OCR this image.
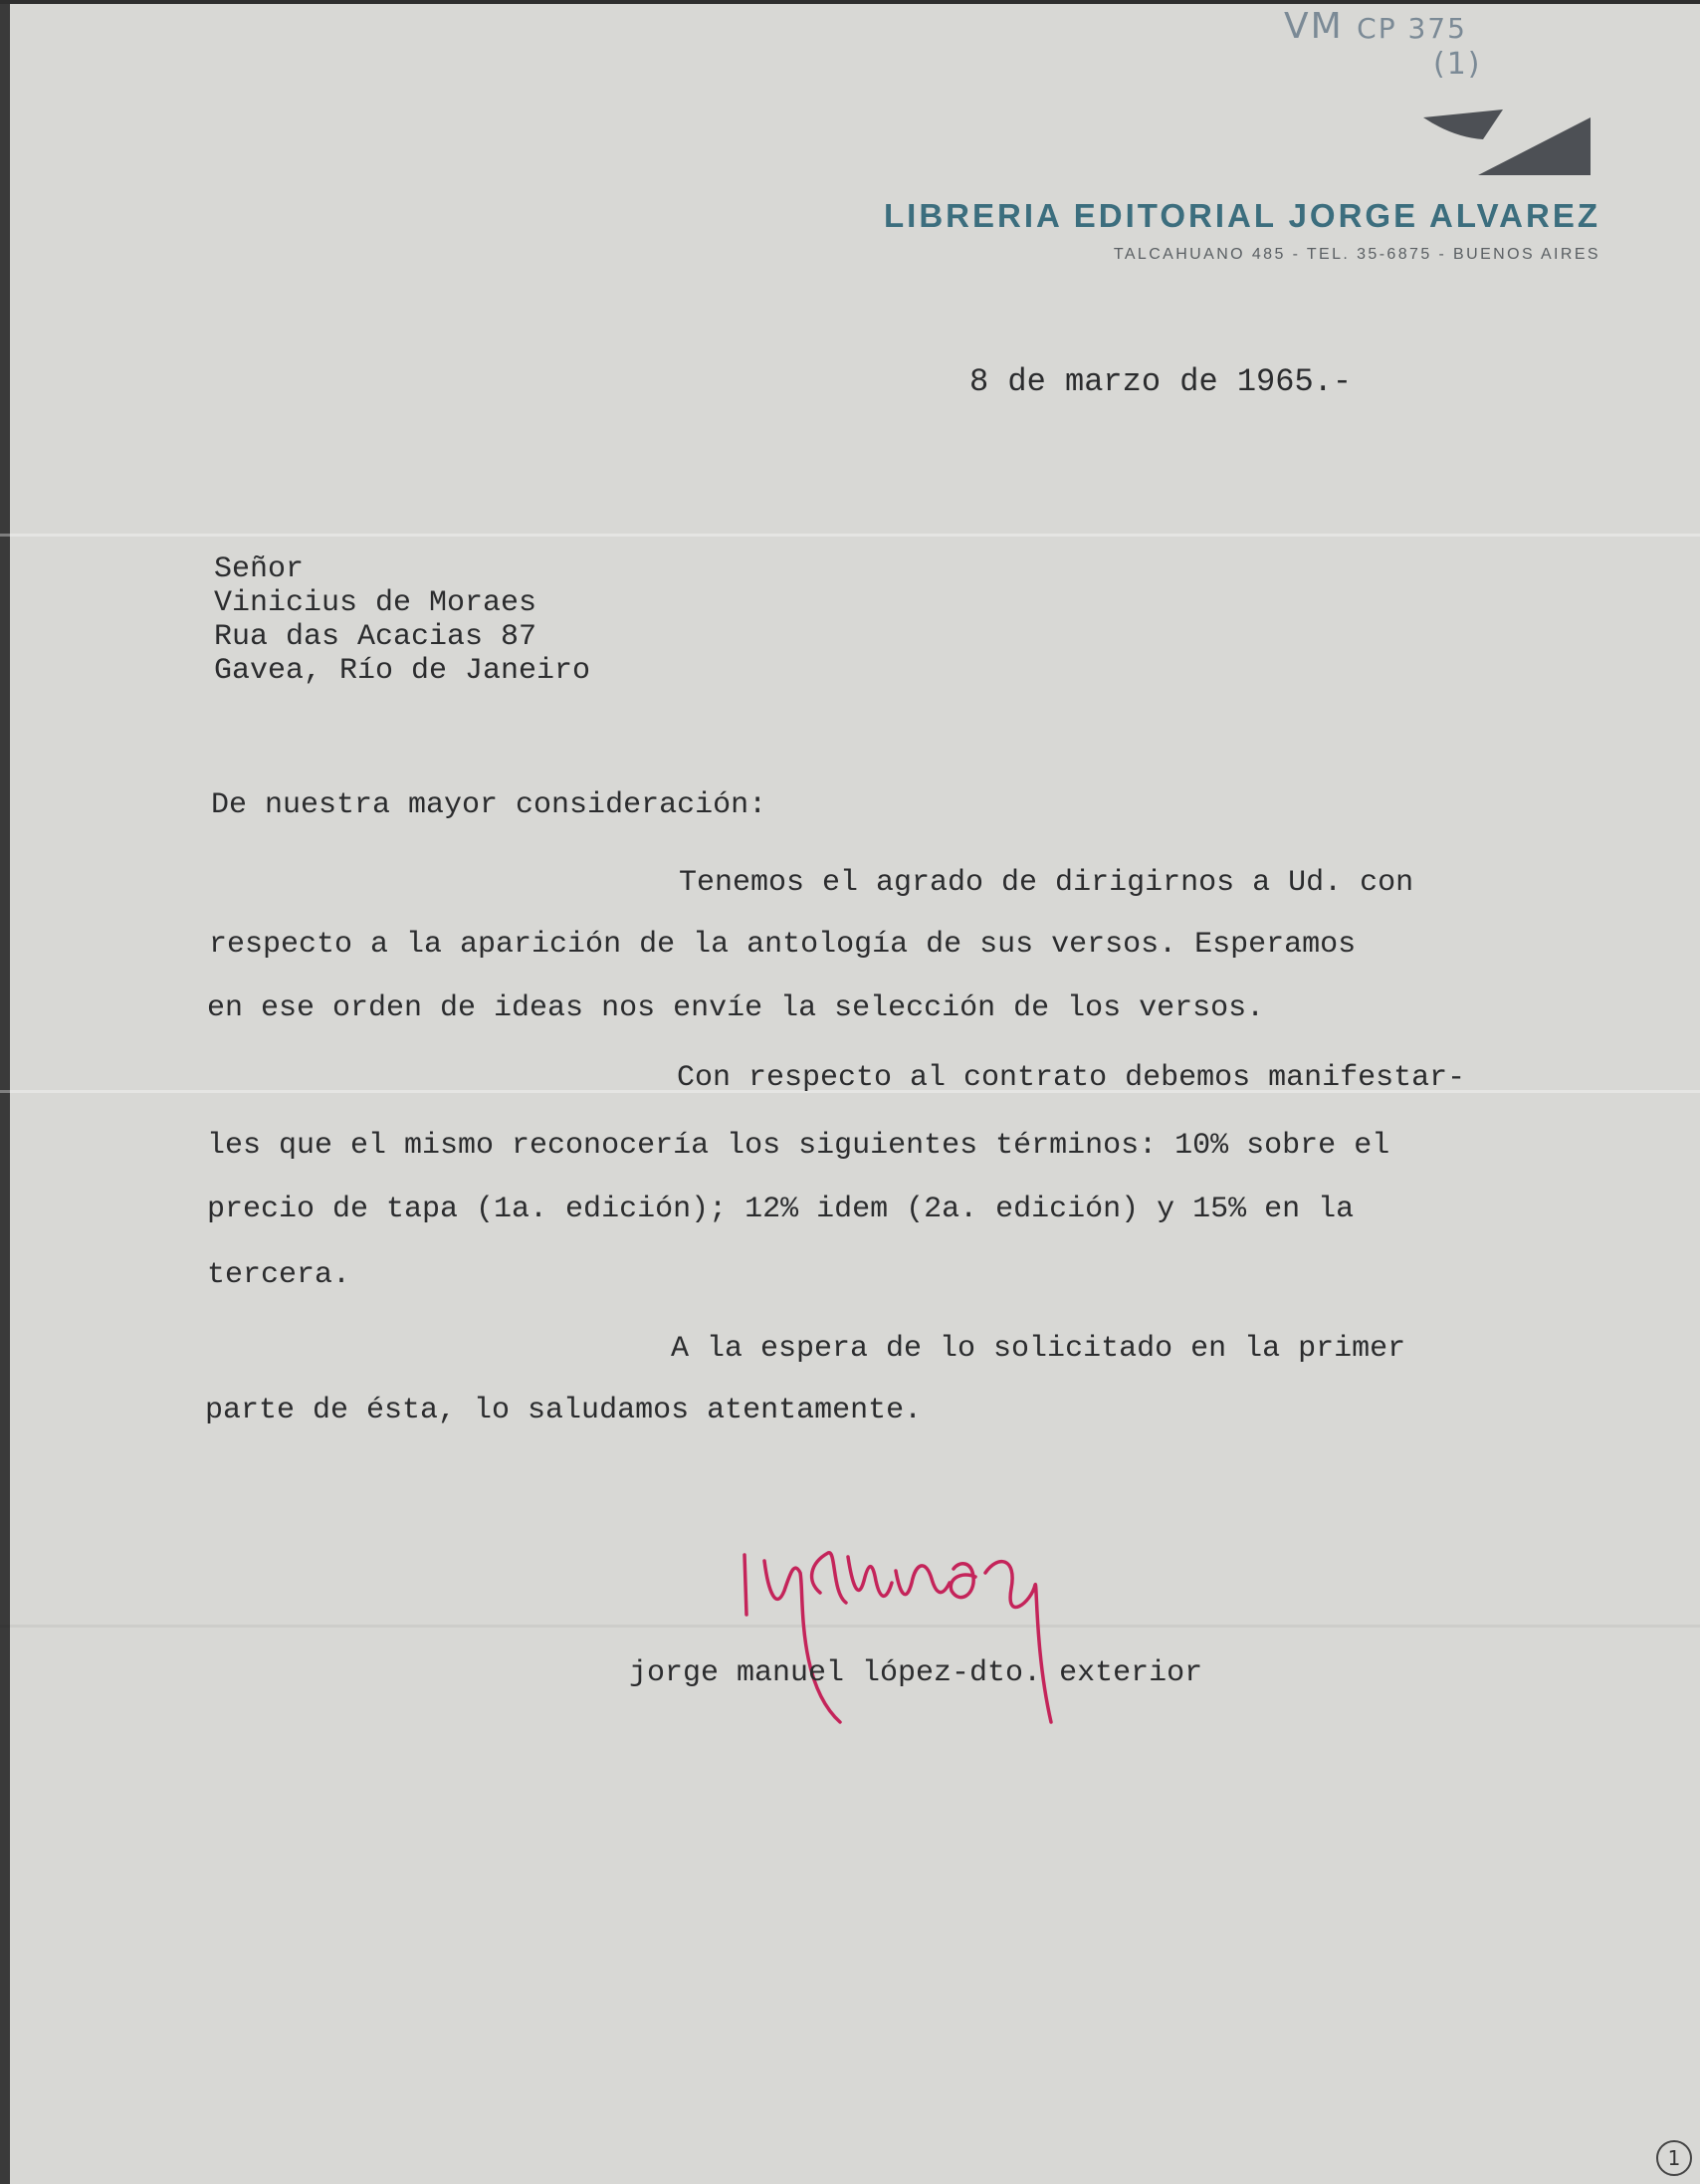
VM CP 375
(1)
LIBRERIA EDITORIAL JORGE ALVAREZ
TALCAHUANO 485 - TEL. 35-6875 - BUENOS AIRES
8 de marzo de 1965.-
Señor
Vinicius de Moraes
Rua das Acacias 87
Gavea, Río de Janeiro
De nuestra mayor consideración:
Tenemos el agrado de dirigirnos a Ud. con
respecto a la aparición de la antología de sus versos. Esperamos
en ese orden de ideas nos envíe la selección de los versos.
Con respecto al contrato debemos manifestar-
les que el mismo reconocería los siguientes términos: 10% sobre el
precio de tapa (1a. edición); 12% idem (2a. edición) y 15% en la
tercera.
A la espera de lo solicitado en la primer
parte de ésta, lo saludamos atentamente.
jorge manuel lópez-dto. exterior
1
